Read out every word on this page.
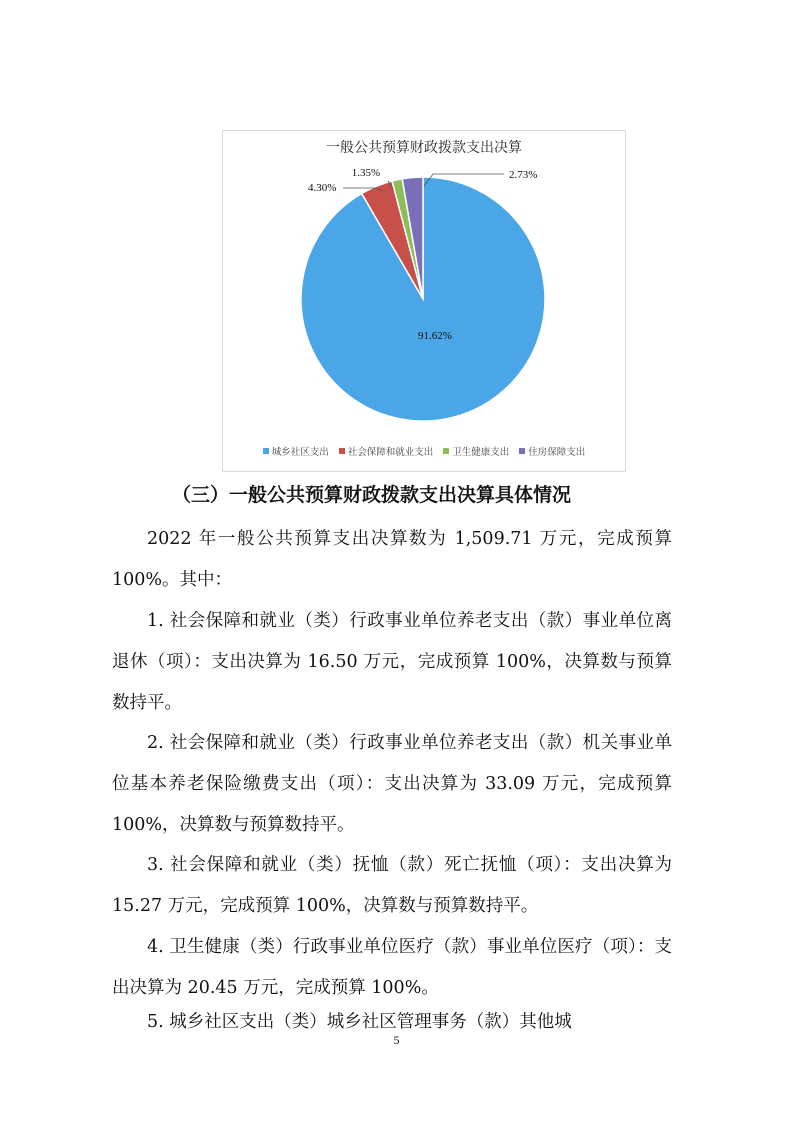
一般公共预算财政拨款支出决算
91.62%
4.30%
1.35%	2.73%
城乡社区支出 社会保障和就业支出 卫生健康支出 住房保障支出
（三）一般公共预算财政拨款支出决算具体情况

2022 年一般公共预算支出决算数为 1,509.71 万元，完成预算 100%。其中：

1. 社会保障和就业（类）行政事业单位养老支出（款）事业单位离退休（项）：支出决算为 16.50 万元，完成预算 100%，决算数与预算数持平。

2. 社会保障和就业（类）行政事业单位养老支出（款）机关事业单位基本养老保险缴费支出（项）：支出决算为 33.09 万元，完成预算 100%，决算数与预算数持平。

3. 社会保障和就业（类）抚恤（款）死亡抚恤（项）：支出决算为 15.27 万元，完成预算 100%，决算数与预算数持平。

4. 卫生健康（类）行政事业单位医疗（款）事业单位医疗（项）：支出决算为 20.45 万元，完成预算 100%。

5. 城乡社区支出（类）城乡社区管理事务（款）其他城

5
